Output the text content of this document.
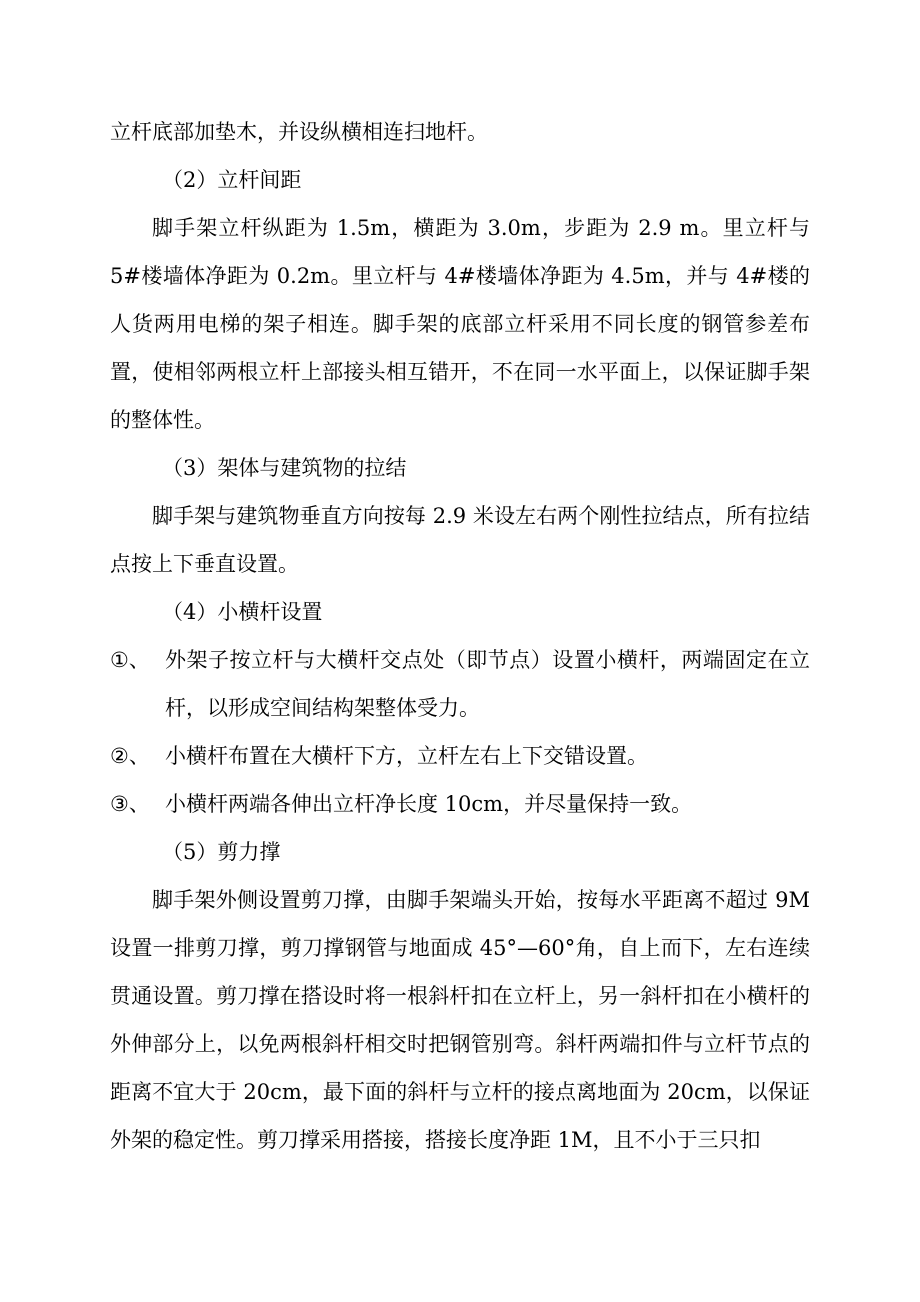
立杆底部加垫木，并设纵横相连扫地杆。

（2）立杆间距

脚手架立杆纵距为 1.5m，横距为 3.0m，步距为 2.9 m。里立杆与 5#楼墙体净距为 0.2m。里立杆与 4#楼墙体净距为 4.5m，并与 4#楼的人货两用电梯的架子相连。脚手架的底部立杆采用不同长度的钢管参差布置，使相邻两根立杆上部接头相互错开，不在同一水平面上，以保证脚手架的整体性。

（3）架体与建筑物的拉结

脚手架与建筑物垂直方向按每 2.9 米设左右两个刚性拉结点，所有拉结点按上下垂直设置。

（4）小横杆设置

①、 外架子按立杆与大横杆交点处（即节点）设置小横杆，两端固定在立杆，以形成空间结构架整体受力。
②、 小横杆布置在大横杆下方，立杆左右上下交错设置。
③、 小横杆两端各伸出立杆净长度 10cm，并尽量保持一致。

（5）剪力撑

脚手架外侧设置剪刀撑，由脚手架端头开始，按每水平距离不超过 9M设置一排剪刀撑，剪刀撑钢管与地面成 45°—60°角，自上而下，左右连续贯通设置。剪刀撑在搭设时将一根斜杆扣在立杆上，另一斜杆扣在小横杆的外伸部分上，以免两根斜杆相交时把钢管别弯。斜杆两端扣件与立杆节点的距离不宜大于 20cm，最下面的斜杆与立杆的接点离地面为 20cm，以保证外架的稳定性。剪刀撑采用搭接，搭接长度净距 1M，且不小于三只扣
